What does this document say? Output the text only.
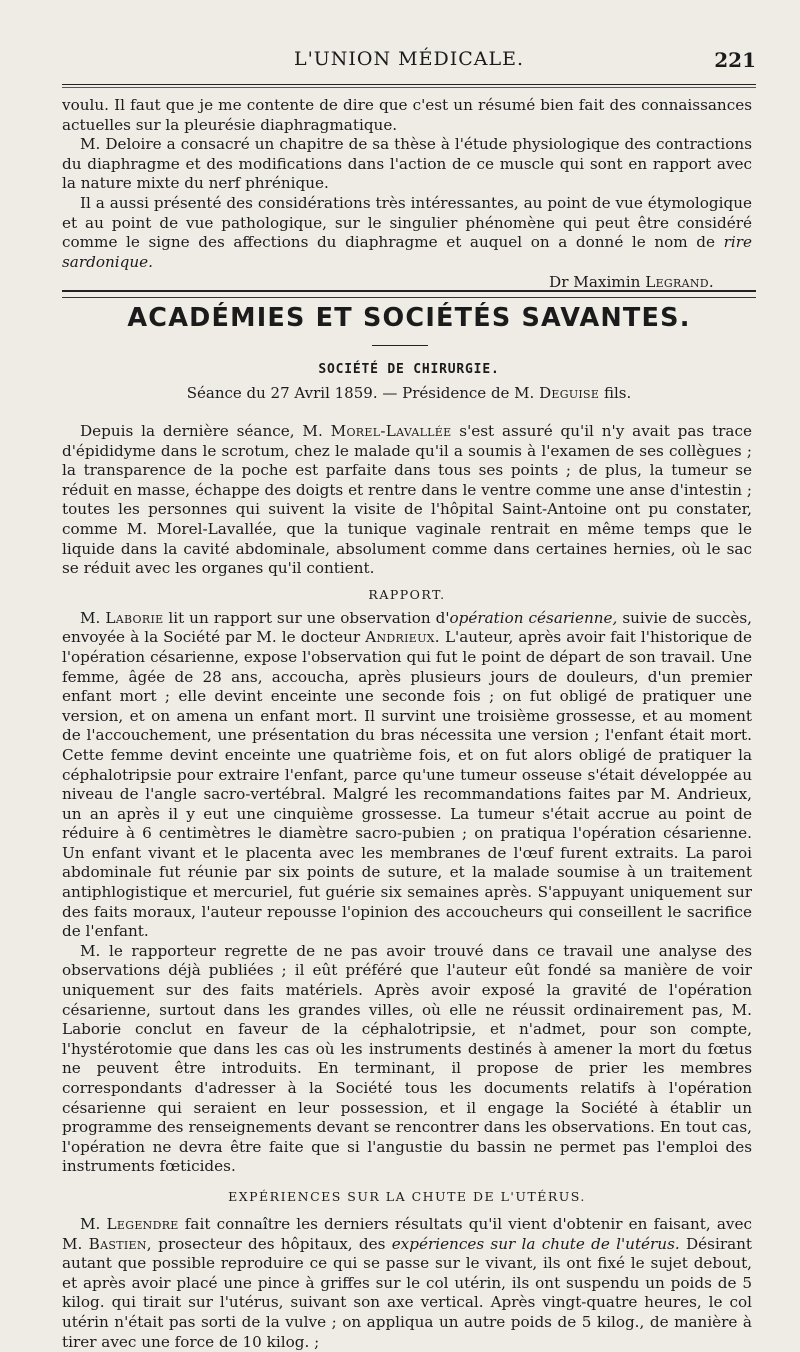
L'UNION MÉDICALE.	221

voulu. Il faut que je me contente de dire que c'est un résumé bien fait des connaissances actuelles sur la pleurésie diaphragmatique.

M. Deloire a consacré un chapitre de sa thèse à l'étude physiologique des contractions du diaphragme et des modifications dans l'action de ce muscle qui sont en rapport avec la nature mixte du nerf phrénique.

Il a aussi présenté des considérations très intéressantes, au point de vue étymologique et au point de vue pathologique, sur le singulier phénomène qui peut être considéré comme le signe des affections du diaphragme et auquel on a donné le nom de rire sardonique.

Dr Maximin Legrand.
ACADÉMIES ET SOCIÉTÉS SAVANTES.
SOCIÉTÉ DE CHIRURGIE.
Séance du 27 Avril 1859. — Présidence de M. Deguise fils.

Depuis la dernière séance, M. Morel-Lavallée s'est assuré qu'il n'y avait pas trace d'épididyme dans le scrotum, chez le malade qu'il a soumis à l'examen de ses collègues ; la transparence de la poche est parfaite dans tous ses points ; de plus, la tumeur se réduit en masse, échappe des doigts et rentre dans le ventre comme une anse d'intestin ; toutes les personnes qui suivent la visite de l'hôpital Saint-Antoine ont pu constater, comme M. Morel-Lavallée, que la tunique vaginale rentrait en même temps que le liquide dans la cavité abdominale, absolument comme dans certaines hernies, où le sac se réduit avec les organes qu'il contient.

RAPPORT.

M. Laborie lit un rapport sur une observation d'opération césarienne, suivie de succès, envoyée à la Société par M. le docteur Andrieux. L'auteur, après avoir fait l'historique de l'opération césarienne, expose l'observation qui fut le point de départ de son travail. Une femme, âgée de 28 ans, accoucha, après plusieurs jours de douleurs, d'un premier enfant mort ; elle devint enceinte une seconde fois ; on fut obligé de pratiquer une version, et on amena un enfant mort. Il survint une troisième grossesse, et au moment de l'accouchement, une présentation du bras nécessita une version ; l'enfant était mort. Cette femme devint enceinte une quatrième fois, et on fut alors obligé de pratiquer la céphalotripsie pour extraire l'enfant, parce qu'une tumeur osseuse s'était développée au niveau de l'angle sacro-vertébral. Malgré les recommandations faites par M. Andrieux, un an après il y eut une cinquième grossesse. La tumeur s'était accrue au point de réduire à 6 centimètres le diamètre sacro-pubien ; on pratiqua l'opération césarienne. Un enfant vivant et le placenta avec les membranes de l'œuf furent extraits. La paroi abdominale fut réunie par six points de suture, et la malade soumise à un traitement antiphlogistique et mercuriel, fut guérie six semaines après. S'appuyant uniquement sur des faits moraux, l'auteur repousse l'opinion des accoucheurs qui conseillent le sacrifice de l'enfant.

M. le rapporteur regrette de ne pas avoir trouvé dans ce travail une analyse des observations déjà publiées ; il eût préféré que l'auteur eût fondé sa manière de voir uniquement sur des faits matériels. Après avoir exposé la gravité de l'opération césarienne, surtout dans les grandes villes, où elle ne réussit ordinairement pas, M. Laborie conclut en faveur de la céphalotripsie, et n'admet, pour son compte, l'hystérotomie que dans les cas où les instruments destinés à amener la mort du fœtus ne peuvent être introduits. En terminant, il propose de prier les membres correspondants d'adresser à la Société tous les documents relatifs à l'opération césarienne qui seraient en leur possession, et il engage la Société à établir un programme des renseignements devant se rencontrer dans les observations. En tout cas, l'opération ne devra être faite que si l'angustie du bassin ne permet pas l'emploi des instruments fœticides.

EXPÉRIENCES SUR LA CHUTE DE L'UTÉRUS.

M. Legendre fait connaître les derniers résultats qu'il vient d'obtenir en faisant, avec M. Bastien, prosecteur des hôpitaux, des expériences sur la chute de l'utérus. Désirant autant que possible reproduire ce qui se passe sur le vivant, ils ont fixé le sujet debout, et après avoir placé une pince à griffes sur le col utérin, ils ont suspendu un poids de 5 kilog. qui tirait sur l'utérus, suivant son axe vertical. Après vingt-quatre heures, le col utérin n'était pas sorti de la vulve ; on appliqua un autre poids de 5 kilog., de manière à tirer avec une force de 10 kilog. ;
